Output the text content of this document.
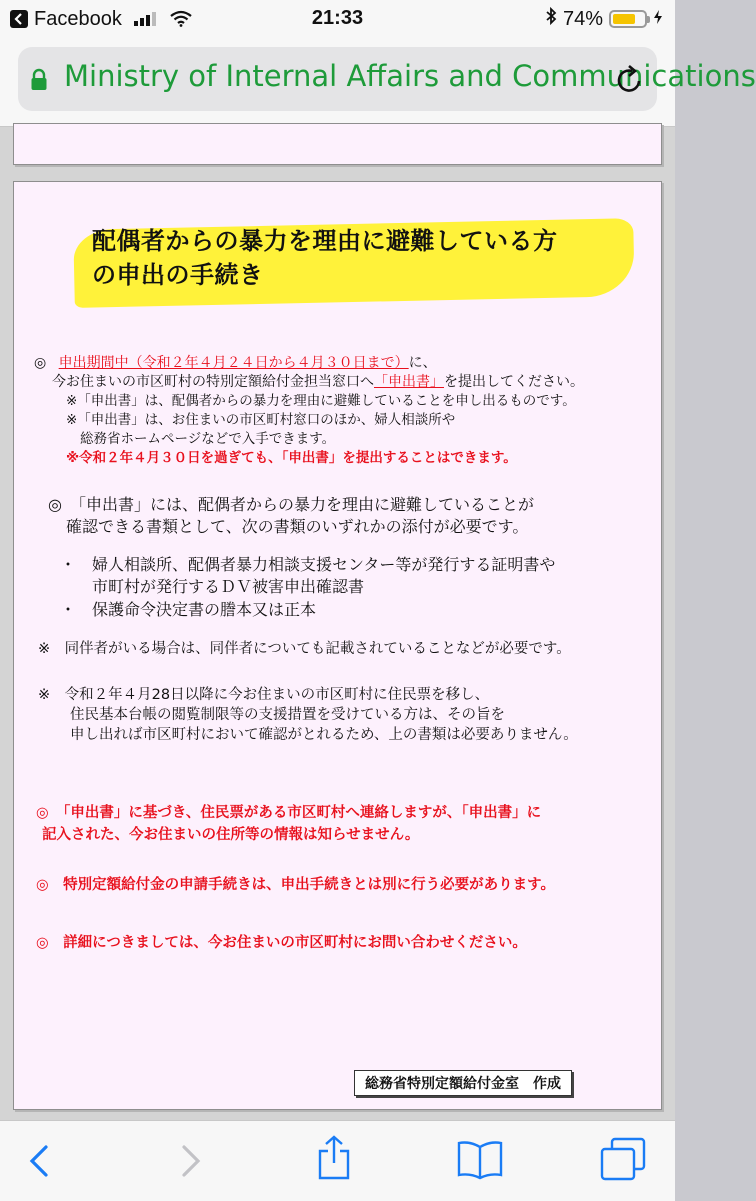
Facebook	21:33	74%
Ministry of Internal Affairs and Communications
配偶者からの暴力を理由に避難している方
の申出の手続き
◎ 申出期間中（令和２年４月２４日から４月３０日まで）に、
今お住まいの市区町村の特別定額給付金担当窓口へ「申出書」を提出してください。
※「申出書」は、配偶者からの暴力を理由に避難していることを申し出るものです。
※「申出書」は、お住まいの市区町村窓口のほか、婦人相談所や
総務省ホームページなどで入手できます。
※令和２年４月３０日を過ぎても、「申出書」を提出することはできます。
◎　「申出書」には、配偶者からの暴力を理由に避難していることが
確認できる書類として、次の書類のいずれかの添付が必要です。
・　婦人相談所、配偶者暴力相談支援センター等が発行する証明書や
市町村が発行するＤＶ被害申出確認書
・　保護命令決定書の謄本又は正本
※　同伴者がいる場合は、同伴者についても記載されていることなどが必要です。
※　令和２年４月28日以降に今お住まいの市区町村に住民票を移し、
住民基本台帳の閲覧制限等の支援措置を受けている方は、その旨を
申し出れば市区町村において確認がとれるため、上の書類は必要ありません。
◎　「申出書」に基づき、住民票がある市区町村へ連絡しますが、「申出書」に
記入された、今お住まいの住所等の情報は知らせません。
◎　特別定額給付金の申請手続きは、申出手続きとは別に行う必要があります。
◎　詳細につきましては、今お住まいの市区町村にお問い合わせください。
総務省特別定額給付金室　作成
